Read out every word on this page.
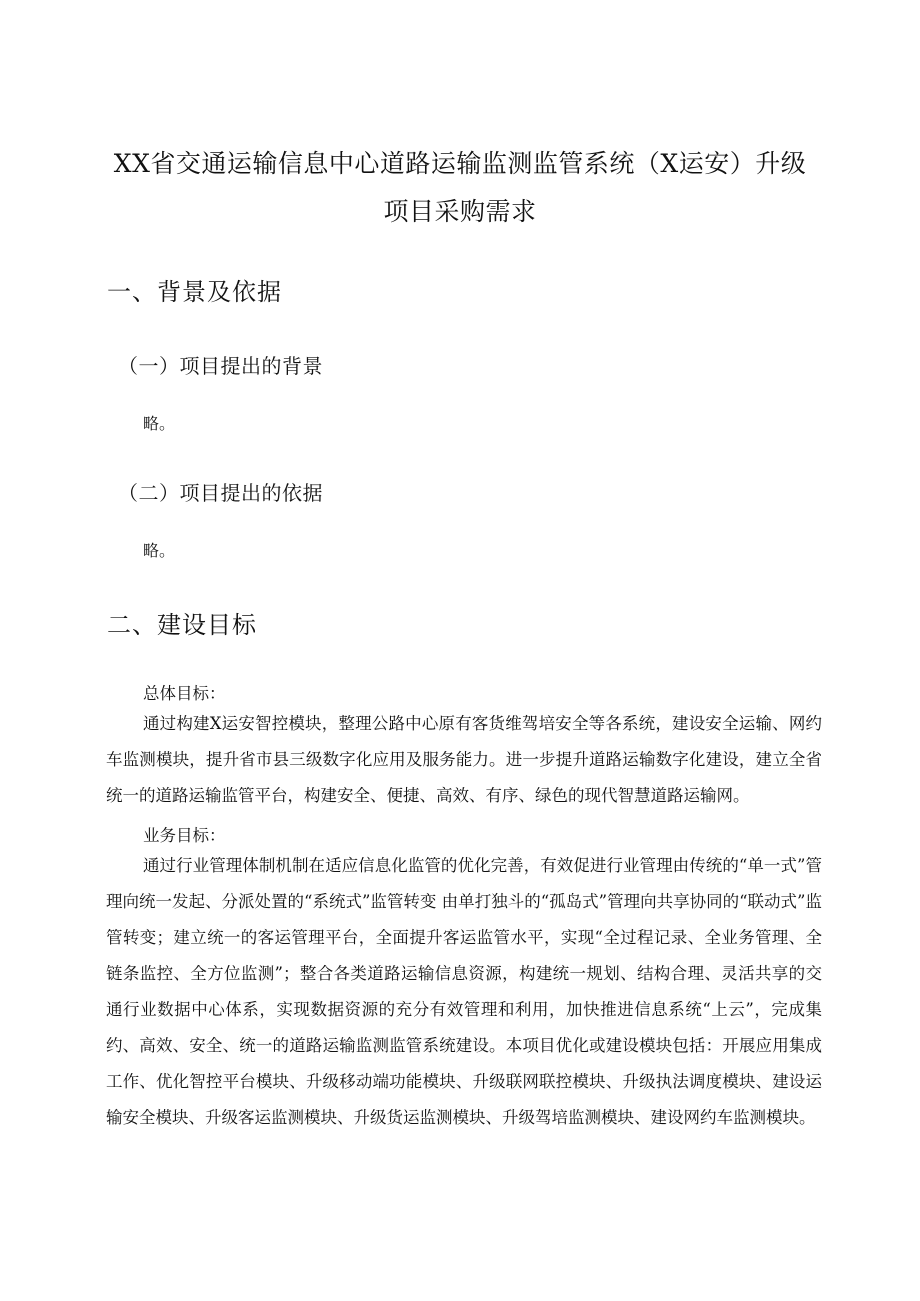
XX省交通运输信息中心道路运输监测监管系统（X运安）升级
项目采购需求
一、背景及依据
（一）项目提出的背景
略。
（二）项目提出的依据
略。
二、建设目标
总体目标：
通过构建X运安智控模块，整理公路中心原有客货维驾培安全等各系统，建设安全运输、网约车监测模块，提升省市县三级数字化应用及服务能力。进一步提升道路运输数字化建设，建立全省统一的道路运输监管平台，构建安全、便捷、高效、有序、绿色的现代智慧道路运输网。
业务目标：
通过行业管理体制机制在适应信息化监管的优化完善，有效促进行业管理由传统的“单一式”管理向统一发起、分派处置的“系统式”监管转变 由单打独斗的“孤岛式”管理向共享协同的“联动式”监管转变；建立统一的客运管理平台，全面提升客运监管水平，实现“全过程记录、全业务管理、全链条监控、全方位监测”；整合各类道路运输信息资源，构建统一规划、结构合理、灵活共享的交通行业数据中心体系，实现数据资源的充分有效管理和利用，加快推进信息系统“上云”，完成集约、高效、安全、统一的道路运输监测监管系统建设。本项目优化或建设模块包括：开展应用集成工作、优化智控平台模块、升级移动端功能模块、升级联网联控模块、升级执法调度模块、建设运输安全模块、升级客运监测模块、升级货运监测模块、升级驾培监测模块、建设网约车监测模块。
